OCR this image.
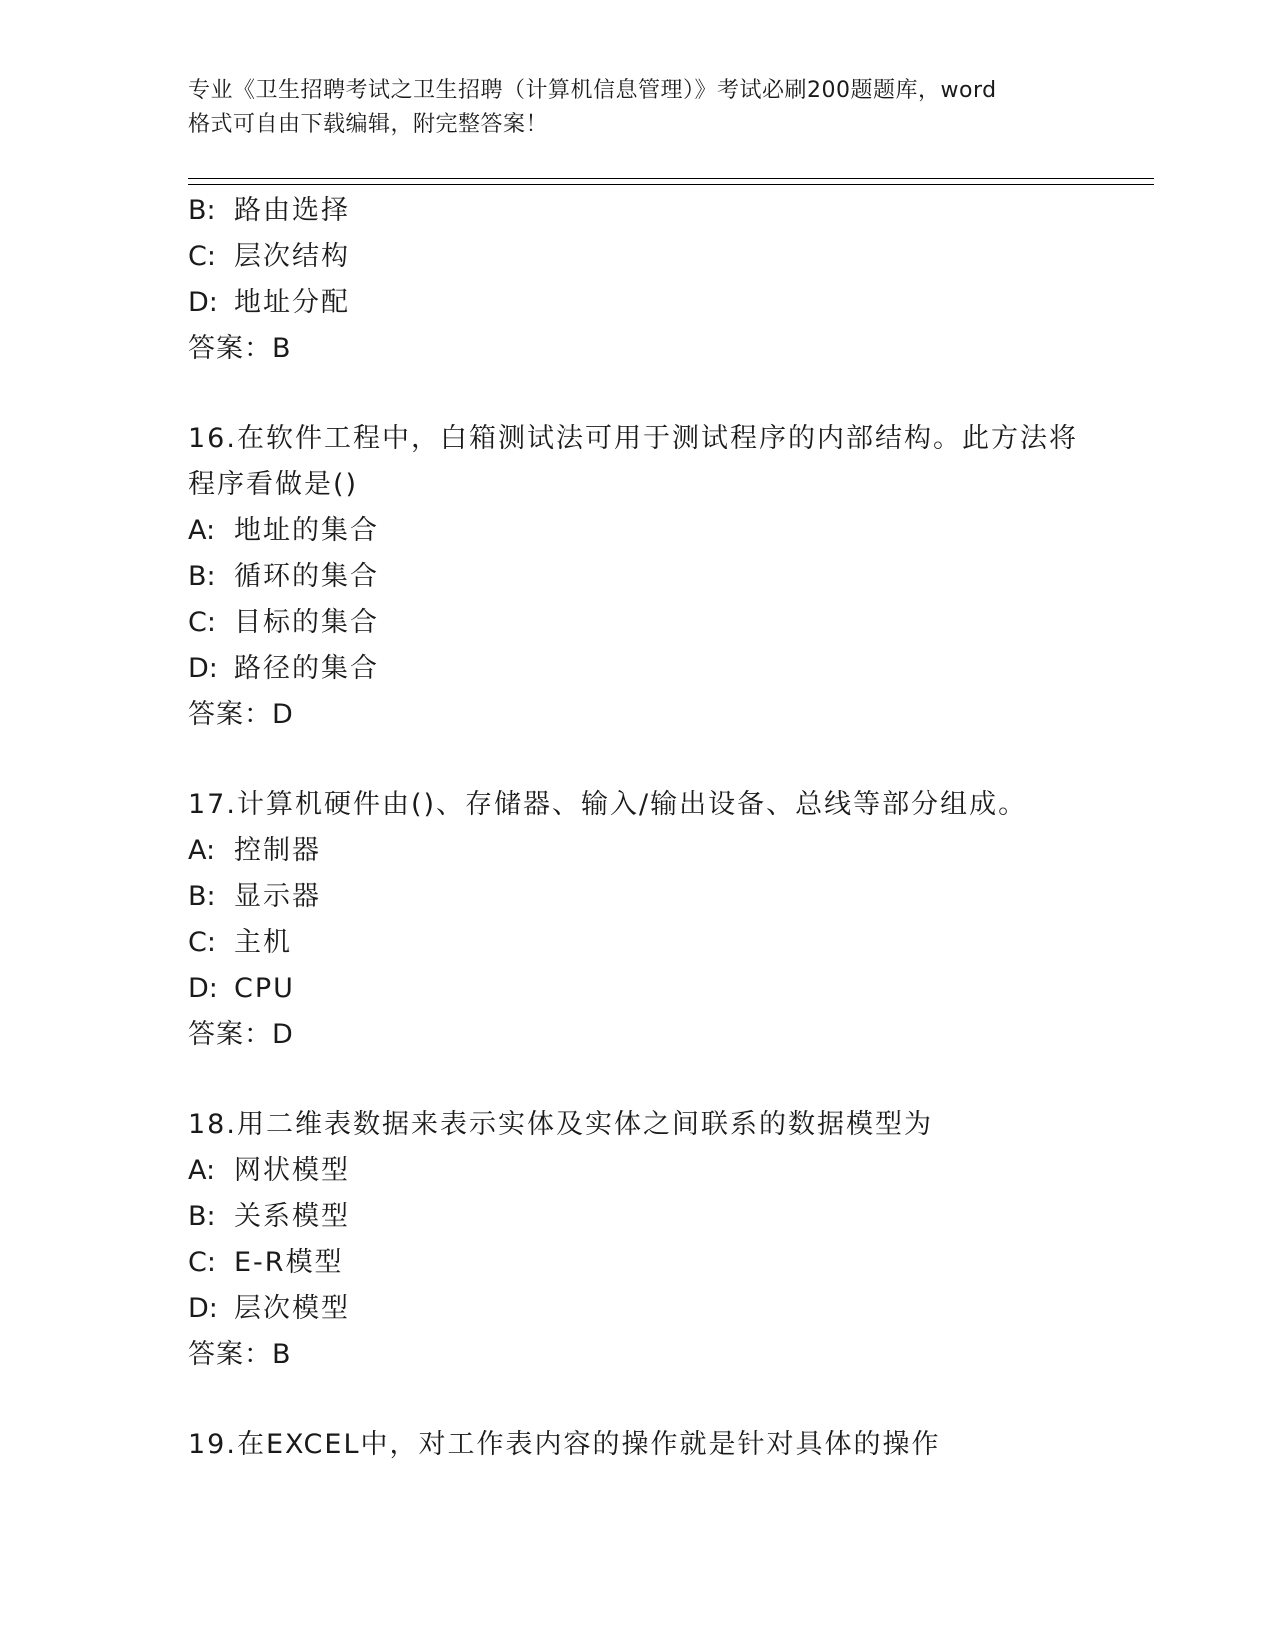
专业《卫生招聘考试之卫生招聘（计算机信息管理）》考试必刷200题题库，word
格式可自由下载编辑，附完整答案！
B: 路由选择
C: 层次结构
D: 地址分配
答案：B
16.在软件工程中，白箱测试法可用于测试程序的内部结构。此方法将
程序看做是()
A: 地址的集合
B: 循环的集合
C: 目标的集合
D: 路径的集合
答案：D
17.计算机硬件由()、存储器、输入/输出设备、总线等部分组成。
A: 控制器
B: 显示器
C: 主机
D: CPU
答案：D
18.用二维表数据来表示实体及实体之间联系的数据模型为
A: 网状模型
B: 关系模型
C: E-R模型
D: 层次模型
答案：B
19.在EXCEL中，对工作表内容的操作就是针对具体的操作
